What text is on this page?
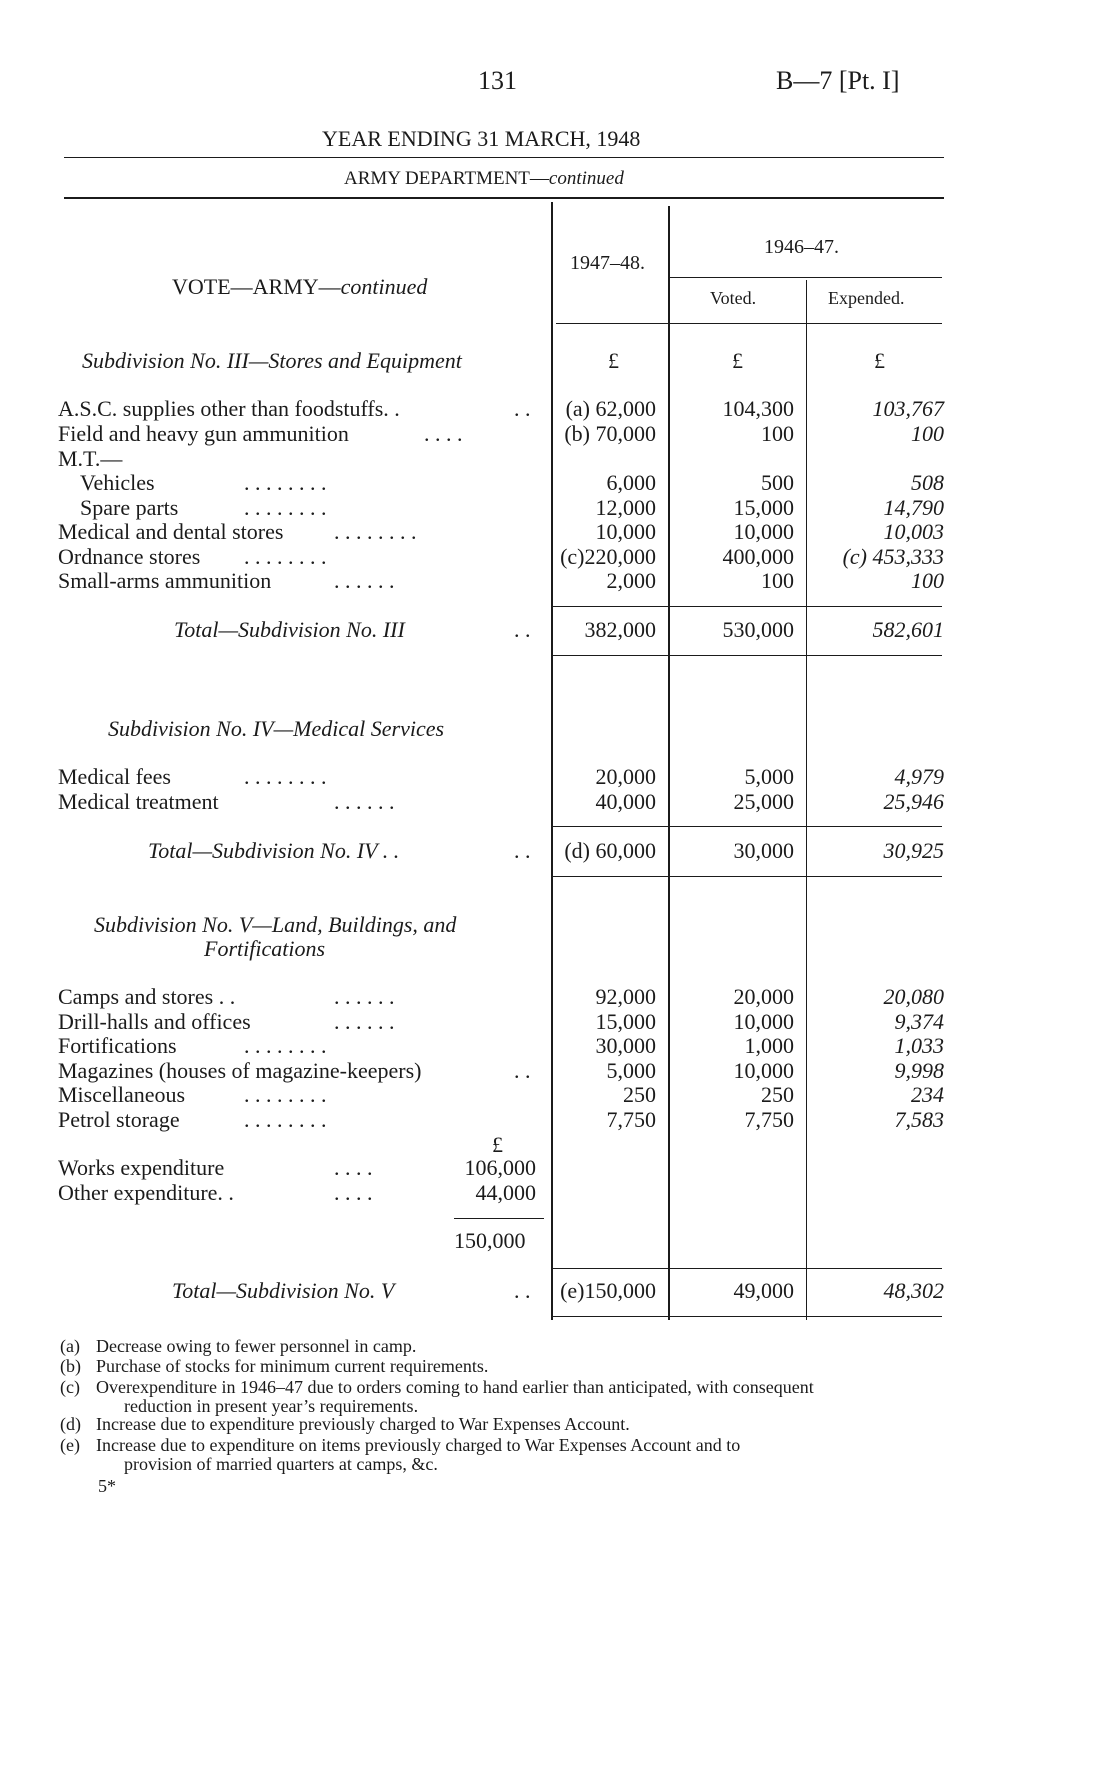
131	B—7 [Pt. I]
YEAR ENDING 31 MARCH, 1948
ARMY DEPARTMENT—continued
VOTE—ARMY—continued
1947–48.
1946–47.
Voted.	Expended.
Subdivision No. III—Stores and Equipment	£	£	£
A.S.C. supplies other than foodstuffs. .	. . (a) 62,000	104,300	103,767
Field and heavy gun ammunition	. . . .	(b) 70,000	100	100
M.T.—
Vehicles	. . . . . . . .	6,000	500	508
Spare parts	. . . . . . . .	12,000	15,000	14,790
Medical and dental stores . . . . . . . .	10,000	10,000	10,003
Ordnance stores . . . . . . . .	(c)220,000	400,000 (c) 453,333
Small-arms ammunition	. . . . . .	2,000	100	100
Total—Subdivision No. III	. . 382,000	530,000	582,601
Subdivision No. IV—Medical Services
Medical fees	. . . . . . . .	20,000	5,000	4,979
Medical treatment	. . . . . .	40,000	25,000	25,946
Total—Subdivision No. IV . .	. . (d) 60,000	30,000	30,925
Subdivision No. V—Land, Buildings, and
Fortifications
Camps and stores . .	. . . . . .	92,000	20,000	20,080
Drill-halls and offices	. . . . . .	15,000	10,000	9,374
Fortifications	. . . . . . . .	30,000	1,000	1,033
Magazines (houses of magazine-keepers)	. .	5,000	10,000	9,998
Miscellaneous	. . . . . . . .	250	250	234
Petrol storage	. . . . . . . .	7,750	7,750	7,583
£
Works expenditure	. . . .	106,000
Other expenditure. .	. . . .	44,000
150,000
Total—Subdivision No. V	. . (e)150,000	49,000	48,302
(a) Decrease owing to fewer personnel in camp.
(b) Purchase of stocks for minimum current requirements.
(c) Overexpenditure in 1946–47 due to orders coming to hand earlier than anticipated, with consequent
reduction in present year’s requirements.
(d) Increase due to expenditure previously charged to War Expenses Account.
(e) Increase due to expenditure on items previously charged to War Expenses Account and to
provision of married quarters at camps, &c.
5*
